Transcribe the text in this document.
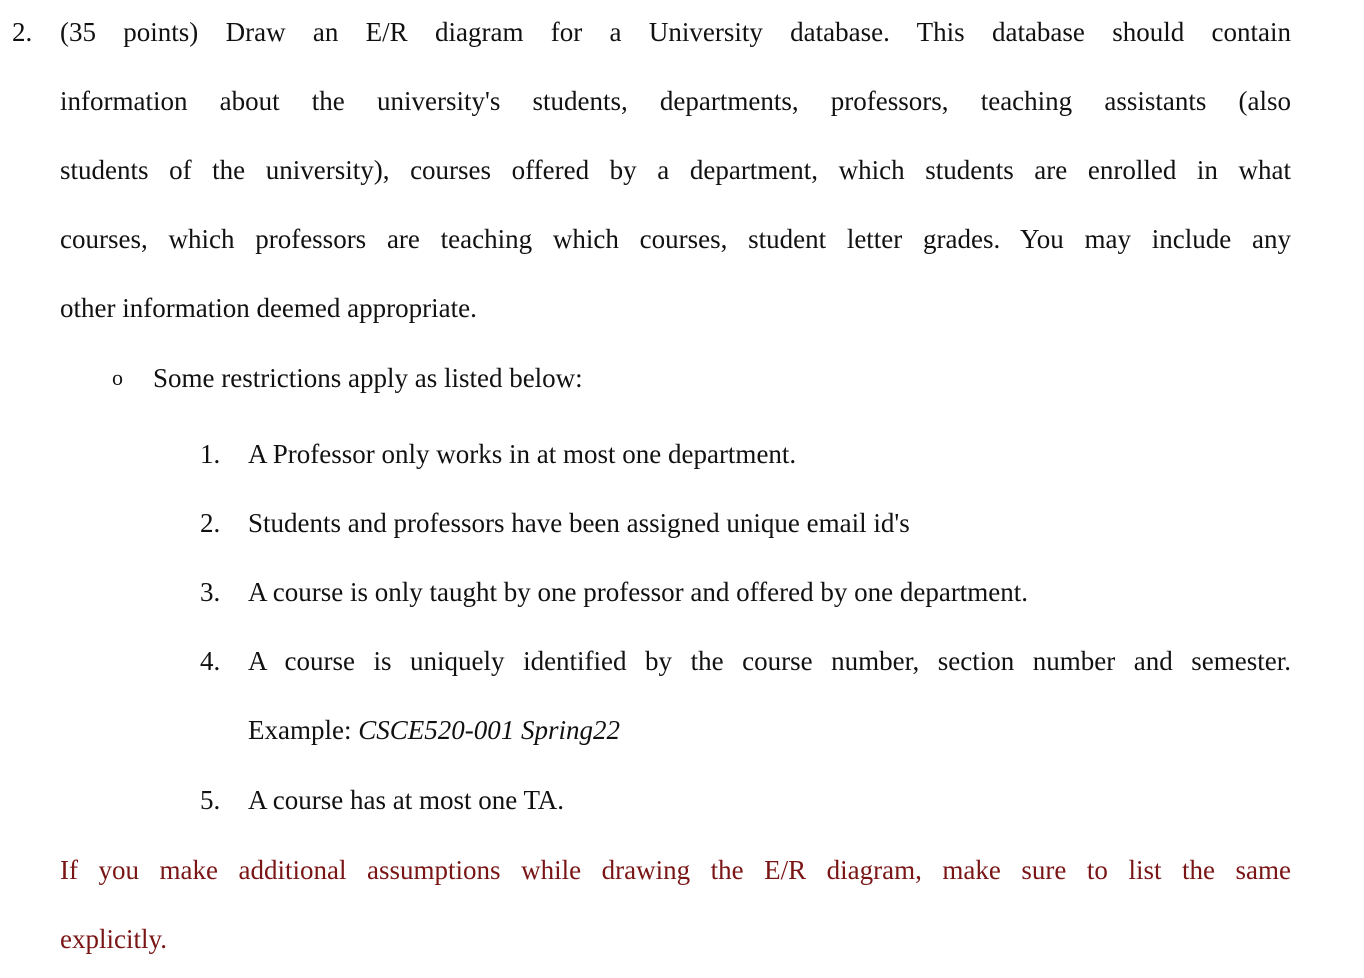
2. (35 points) Draw an E/R diagram for a University database. This database should contain
information about the university's students, departments, professors, teaching assistants (also
students of the university), courses offered by a department, which students are enrolled in what
courses, which professors are teaching which courses, student letter grades. You may include any
other information deemed appropriate.
o Some restrictions apply as listed below:
1. A Professor only works in at most one department.
2. Students and professors have been assigned unique email id's
3. A course is only taught by one professor and offered by one department.
4. A course is uniquely identified by the course number, section number and semester.
Example: CSCE520-001 Spring22
5. A course has at most one TA.
If you make additional assumptions while drawing the E/R diagram, make sure to list the same
explicitly.
